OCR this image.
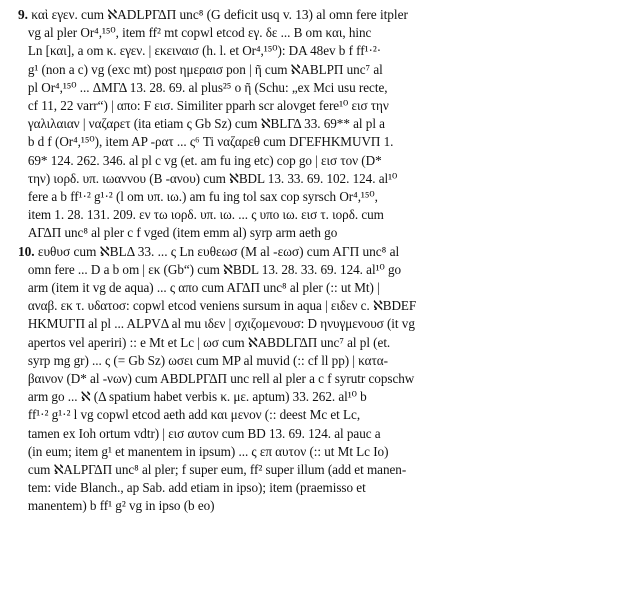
9. καὶ εγεν. cum ℵADLPΓΔΠ unc⁸ (G deficit usq v. 13) al omn fere itpler
vg al pler Or⁴,¹⁵⁰, item ff² mt copwl etcod εγ. δε ... B om και, hinc
Ln [και], a om κ. εγεν. | εκειναισ (h. l. et Or⁴,¹⁵⁰): DA 48ev b f ff¹·²·
g¹ (non a c) vg (exc mt) post ημεραισ pon | ῆ cum ℵABLPΠ unc⁷ al
pl Or⁴,¹⁵⁰ ... ΔMΓΔ 13. 28. 69. al plus²⁵ o ῆ (Schu: „ex Mci usu recte,
cf 11, 22 varr“) | απο: F εισ. Similiter pparh scr alovget fere¹⁰ εισ την
γαλιλαιαν | ναζαρετ (ita etiam ς Gb Sz) cum ℵBLΓΔ 33. 69** al pl a
b d f (Or⁴,¹⁵⁰), item AP -ρατ ... ς⁶ Ti ναζαρεθ cum DΓEFHKMUVΠ 1.
69* 124. 262. 346. al pl c vg (et. am fu ing etc) cop go | εισ τον (D*
την) ιορδ. υπ. ιωαννου (B -ανου) cum ℵBDL 13. 33. 69. 102. 124. al¹⁰
fere a b ff¹·² g¹·² (l om υπ. ιω.) am fu ing tol sax cop syrsch Or⁴,¹⁵⁰,
item 1. 28. 131. 209. εν τω ιορδ. υπ. ιω. ... ς υπο ιω. εισ τ. ιορδ. cum
AΓΔΠ unc⁸ al pler c f vged (item emm al) syrp arm aeth go
10. ευθυσ cum ℵBLΔ 33. ... ς Ln ευθεωσ (M al -εωσ) cum AΓΠ unc⁸ al
omn fere ... D a b om | εκ (Gb“) cum ℵBDL 13. 28. 33. 69. 124. al¹⁰ go
arm (item it vg de aqua) ... ς απο cum AΓΔΠ unc⁸ al pler (:: ut Mt) |
αναβ. εκ τ. υδατοσ: copwl etcod veniens sursum in aqua | ειδεν c. ℵBDEF
HKMUΓΠ al pl ... ALPVΔ al mu ιδεν | σχιζομενουσ: D ηνυγμενουσ (it vg
apertos vel aperiri) :: e Mt et Lc | ωσ cum ℵABDLΓΔΠ unc⁷ al pl (et.
syrp mg gr) ... ς (= Gb Sz) ωσει cum MP al muvid (:: cf ll pp) | κατα-
βαινον (D* al -νων) cum ABDLPΓΔΠ unc rell al pler a c f syrutr copschw
arm go ... ℵ (Δ spatium habet verbis κ. με. aptum) 33. 262. al¹⁰ b
ff¹·² g¹·² l vg copwl etcod aeth add και μενον (:: deest Mc et Lc,
tamen ex Ioh ortum vdtr) | εισ αυτον cum BD 13. 69. 124. al pauc a
(in eum; item g¹ et manentem in ipsum) ... ς επ αυτον (:: ut Mt Lc Io)
cum ℵALPΓΔΠ unc⁸ al pler; f super eum, ff² super illum (add et manen-
tem: vide Blanch., ap Sab. add etiam in ipso); item (praemisso et
manentem) b ff¹ g² vg in ipso (b eo)
